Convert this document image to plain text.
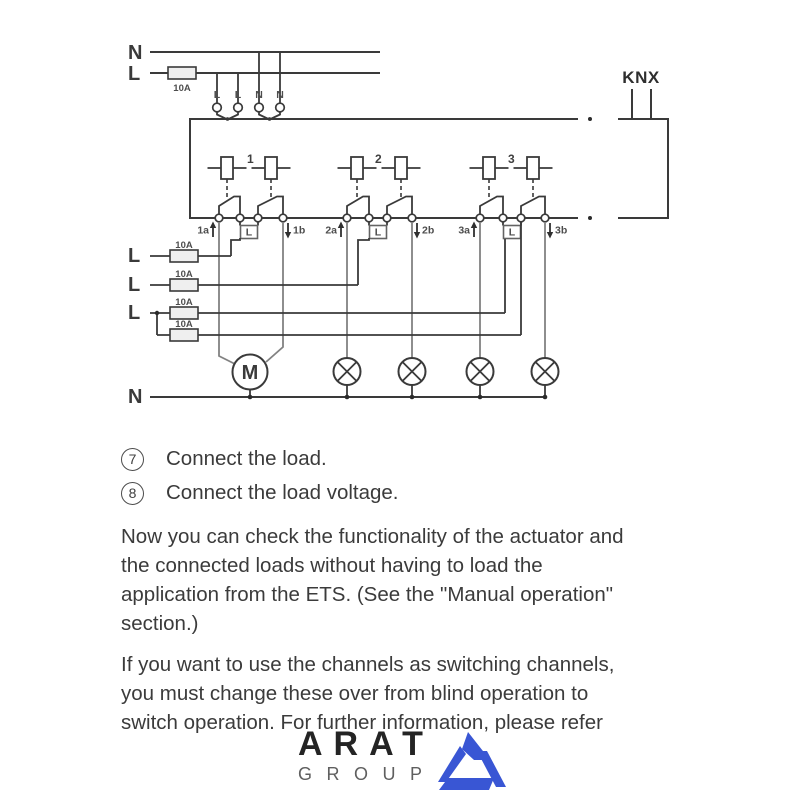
N
L
10A
L L N N
KNX
1
L
1a	1b
2
L
2a	2b
3
L
3a	3b
L	10A
L	10A
L	10A
10A
M
N
7	Connect the load.
8	Connect the load voltage.
Now you can check the functionality of the actuator and
the connected loads without having to load the
application from the ETS. (See the "Manual operation"
section.)
If you want to use the channels as switching channels,
you must change these over from blind operation to
switch operation. For further information, please refer
ARAT
GROUP
